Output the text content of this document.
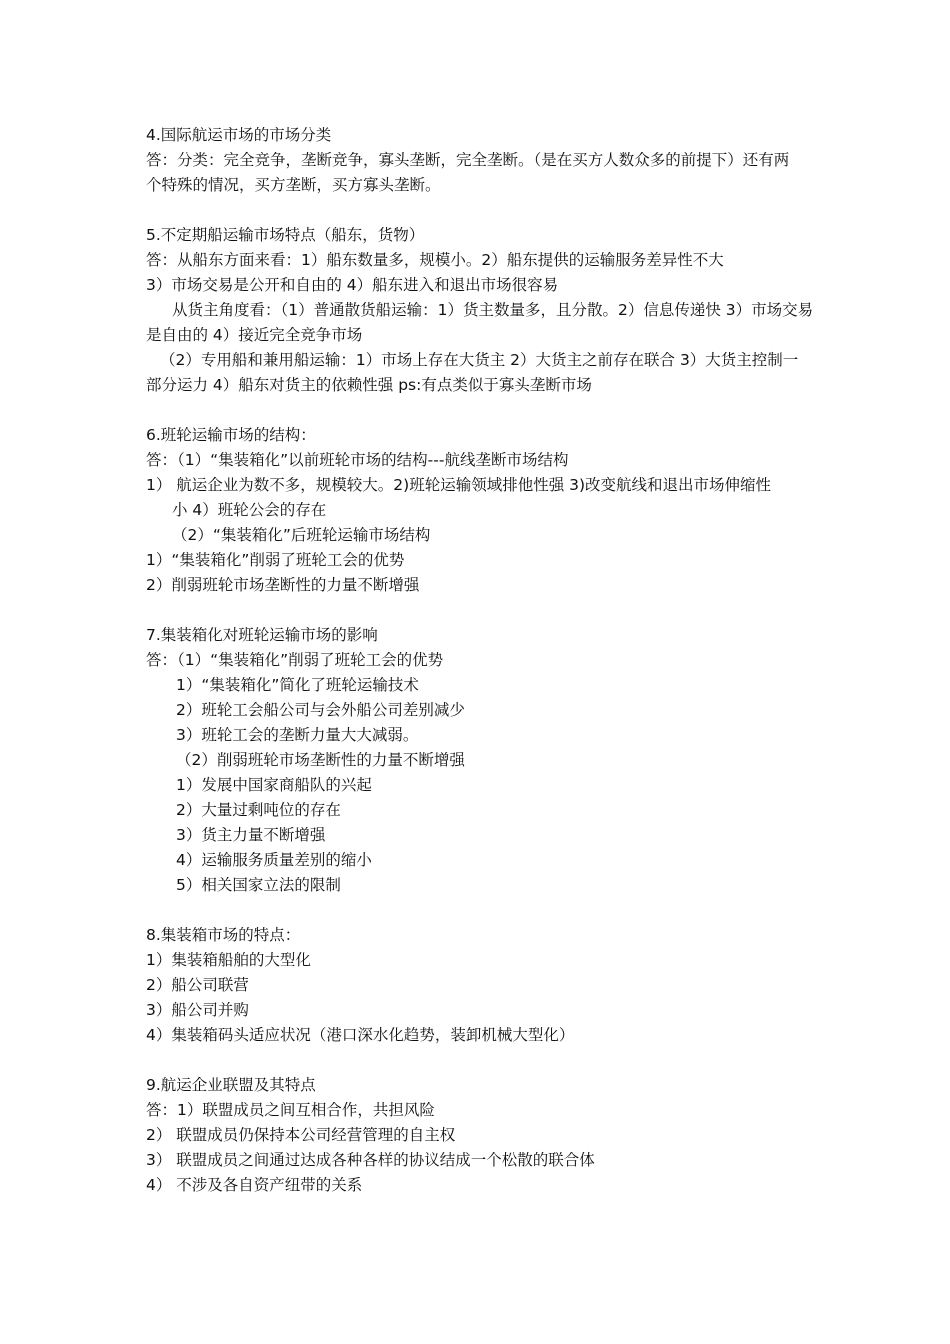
4.国际航运市场的市场分类
答：分类：完全竞争，垄断竞争，寡头垄断，完全垄断。（是在买方人数众多的前提下）还有两
个特殊的情况，买方垄断，买方寡头垄断。
5.不定期船运输市场特点（船东，货物）
答：从船东方面来看：1）船东数量多，规模小。2）船东提供的运输服务差异性不大
3）市场交易是公开和自由的 4）船东进入和退出市场很容易
从货主角度看：（1）普通散货船运输：1）货主数量多，且分散。2）信息传递快 3）市场交易
是自由的 4）接近完全竞争市场
（2）专用船和兼用船运输：1）市场上存在大货主 2）大货主之前存在联合 3）大货主控制一
部分运力 4）船东对货主的依赖性强 ps:有点类似于寡头垄断市场
6.班轮运输市场的结构：
答：（1）“集装箱化”以前班轮市场的结构---航线垄断市场结构
1） 航运企业为数不多，规模较大。2)班轮运输领域排他性强 3)改变航线和退出市场伸缩性
小 4）班轮公会的存在
（2）“集装箱化”后班轮运输市场结构
1）“集装箱化”削弱了班轮工会的优势
2）削弱班轮市场垄断性的力量不断增强
7.集装箱化对班轮运输市场的影响
答：（1）“集装箱化”削弱了班轮工会的优势
1）“集装箱化”简化了班轮运输技术
2）班轮工会船公司与会外船公司差别减少
3）班轮工会的垄断力量大大减弱。
（2）削弱班轮市场垄断性的力量不断增强
1）发展中国家商船队的兴起
2）大量过剩吨位的存在
3）货主力量不断增强
4）运输服务质量差别的缩小
5）相关国家立法的限制
8.集装箱市场的特点：
1）集装箱船舶的大型化
2）船公司联营
3）船公司并购
4）集装箱码头适应状况（港口深水化趋势，装卸机械大型化）
9.航运企业联盟及其特点
答：1）联盟成员之间互相合作，共担风险
2） 联盟成员仍保持本公司经营管理的自主权
3） 联盟成员之间通过达成各种各样的协议结成一个松散的联合体
4） 不涉及各自资产纽带的关系
